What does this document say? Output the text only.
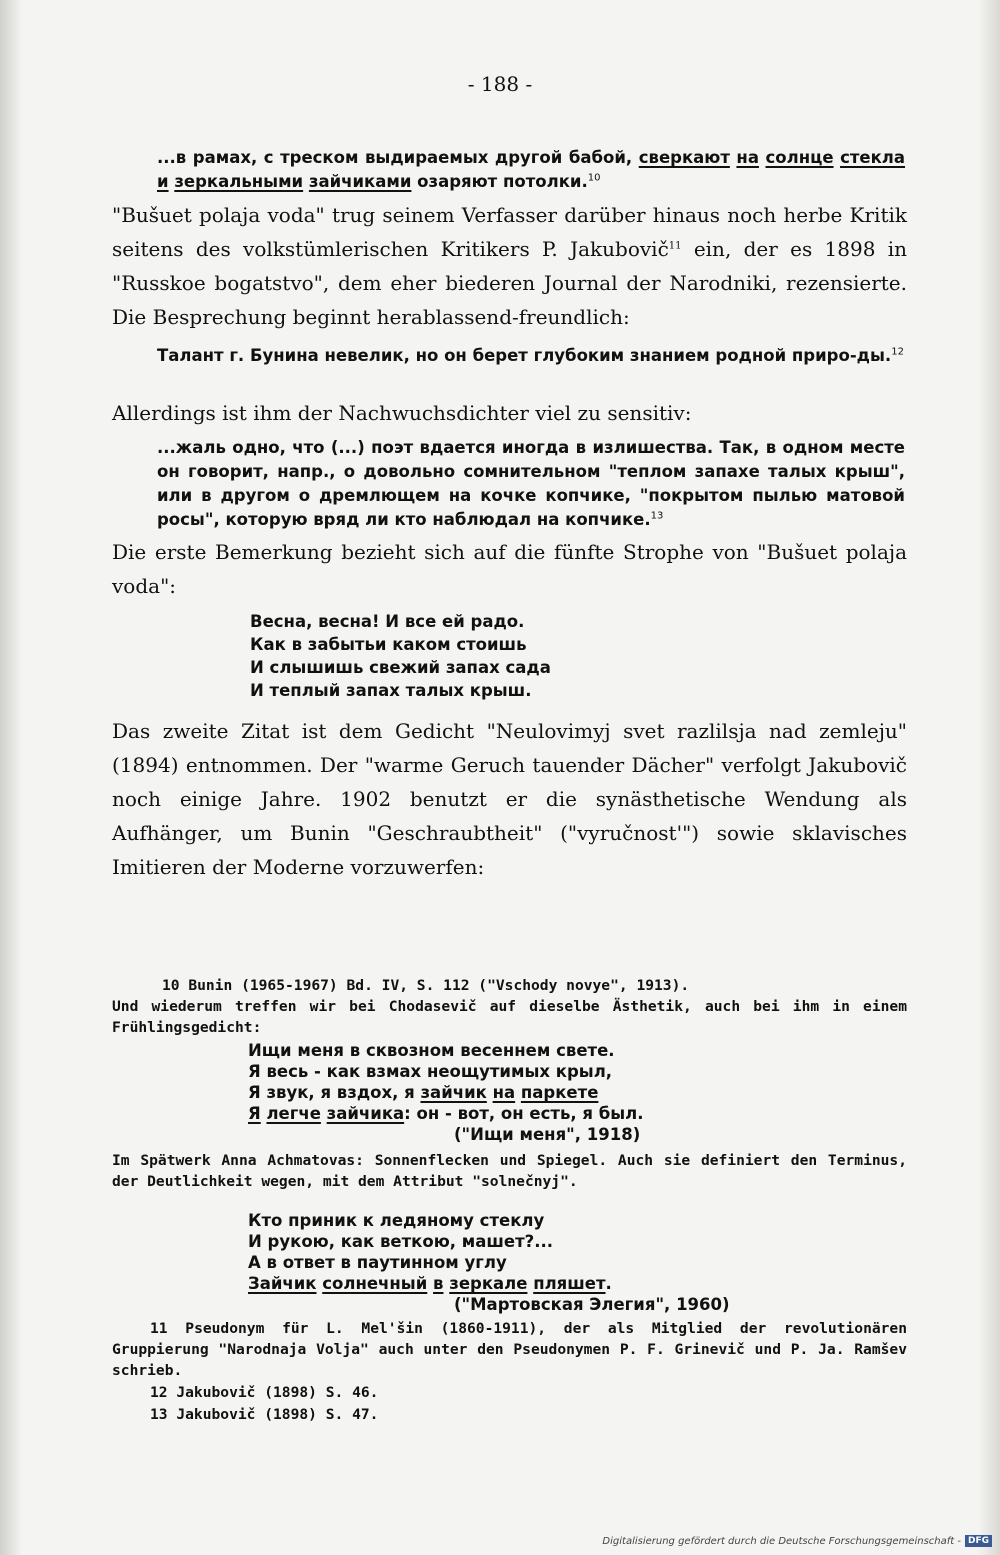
- 188 -
...в рамах, с треском выдираемых другой бабой, сверкают на солнце стекла и зеркальными зайчиками озаряют потолки.$^{10}$
"Bušuet polaja voda" trug seinem Verfasser darüber hinaus noch herbe Kritik seitens des volkstümlerischen Kritikers P. Jakubovič$^{11}$ ein, der es 1898 in "Russkoe bogatstvo", dem eher biederen Journal der Narodniki, rezensierte. Die Besprechung beginnt herablassend-freundlich:
Талант г. Бунина невелик, но он берет глубоким знанием родной приро-ды.$^{12}$
Allerdings ist ihm der Nachwuchsdichter viel zu sensitiv:
...жаль одно, что (...) поэт вдается иногда в излишества. Так, в одном месте он говорит, напр., о довольно сомнительном "теплом запахе талых крыш", или в другом о дремлющем на кочке копчике, "покрытом пылью матовой росы", которую вряд ли кто наблюдал на копчике.$^{13}$
Die erste Bemerkung bezieht sich auf die fünfte Strophe von "Bušuet polaja voda":
Весна, весна! И все ей радо.
Как в забытьи каком стоишь
И слышишь свежий запах сада
И теплый запах талых крыш.
Das zweite Zitat ist dem Gedicht "Neulovimyj svet razlilsja nad zemleju" (1894) entnommen. Der "warme Geruch tauender Dächer" verfolgt Jakubovič noch einige Jahre. 1902 benutzt er die synästhetische Wendung als Aufhänger, um Bunin "Geschraubtheit" ("vyručnost'") sowie sklavisches Imitieren der Moderne vorzuwerfen:
10 Bunin (1965-1967) Bd. IV, S. 112 ("Vschody novye", 1913).
Und wiederum treffen wir bei Chodasevič auf dieselbe Ästhetik, auch bei ihm in einem Frühlingsgedicht:
Ищи меня в сквозном весеннем свете.
Я весь - как взмах неощутимых крыл,
Я звук, я вздох, я зайчик на паркете
Я легче зайчика: он - вот, он есть, я был.
("Ищи меня", 1918)
Im Spätwerk Anna Achmatovas: Sonnenflecken und Spiegel. Auch sie definiert den Terminus, der Deutlichkeit wegen, mit dem Attribut "solnečnyj".
Кто приник к ледяному стеклу
И рукою, как веткою, машет?...
А в ответ в паутинном углу
Зайчик солнечный в зеркале пляшет.
("Мартовская Элегия", 1960)
11 Pseudonym für L. Mel'šin (1860-1911), der als Mitglied der revolutionären Gruppierung "Narodnaja Volja" auch unter den Pseudonymen P. F. Grinevič und P. Ja. Ramšev schrieb.
12 Jakubovič (1898) S. 46.
13 Jakubovič (1898) S. 47.
Digitalisierung gefördert durch die Deutsche Forschungsgemeinschaft - DFG
